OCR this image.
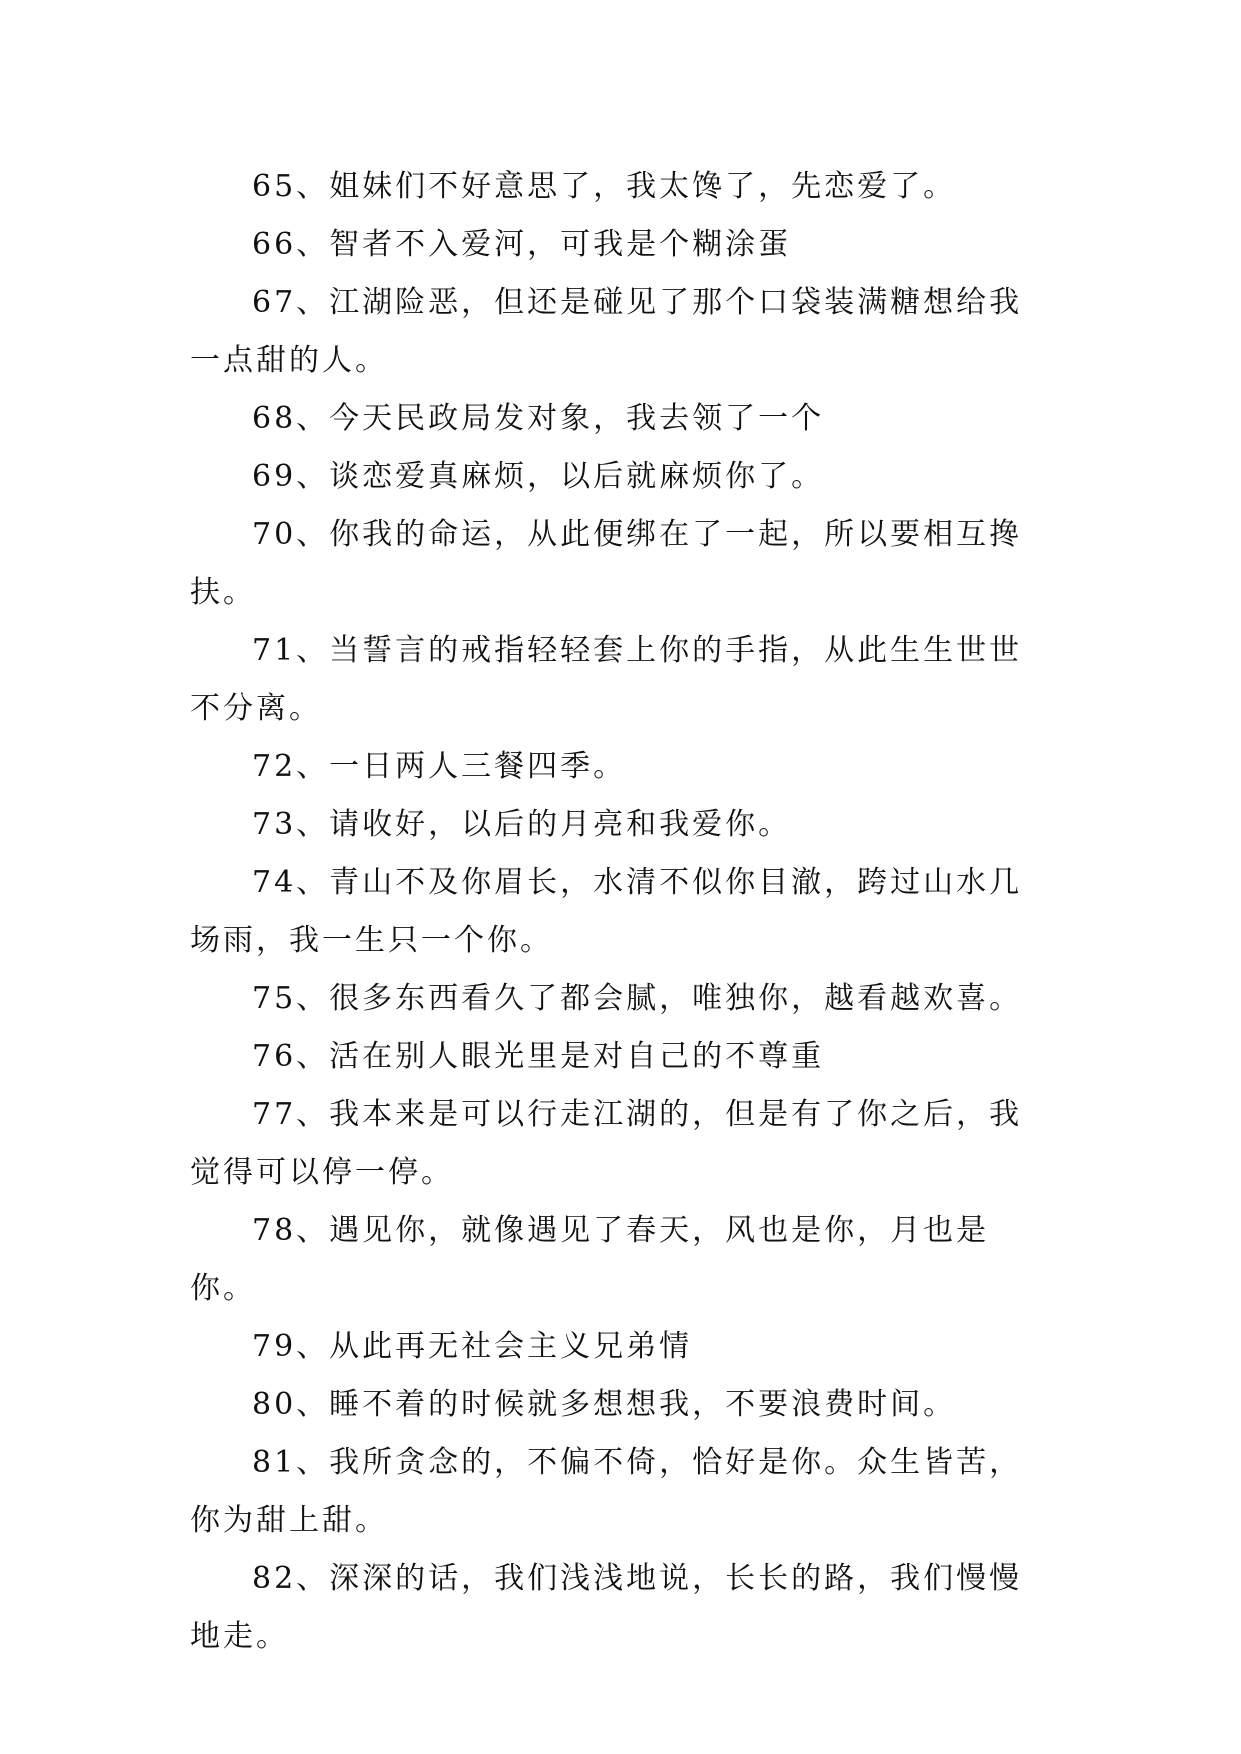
65、姐妹们不好意思了，我太馋了，先恋爱了。

66、智者不入爱河，可我是个糊涂蛋

67、江湖险恶，但还是碰见了那个口袋装满糖想给我一点甜的人。

68、今天民政局发对象，我去领了一个

69、谈恋爱真麻烦，以后就麻烦你了。

70、你我的命运，从此便绑在了一起，所以要相互搀扶。

71、当誓言的戒指轻轻套上你的手指，从此生生世世不分离。

72、一日两人三餐四季。

73、请收好，以后的月亮和我爱你。

74、青山不及你眉长，水清不似你目澈，跨过山水几场雨，我一生只一个你。

75、很多东西看久了都会腻，唯独你，越看越欢喜。

76、活在别人眼光里是对自己的不尊重

77、我本来是可以行走江湖的，但是有了你之后，我觉得可以停一停。

78、遇见你，就像遇见了春天，风也是你，月也是你。

79、从此再无社会主义兄弟情

80、睡不着的时候就多想想我，不要浪费时间。

81、我所贪念的，不偏不倚，恰好是你。众生皆苦，你为甜上甜。

82、深深的话，我们浅浅地说，长长的路，我们慢慢地走。
